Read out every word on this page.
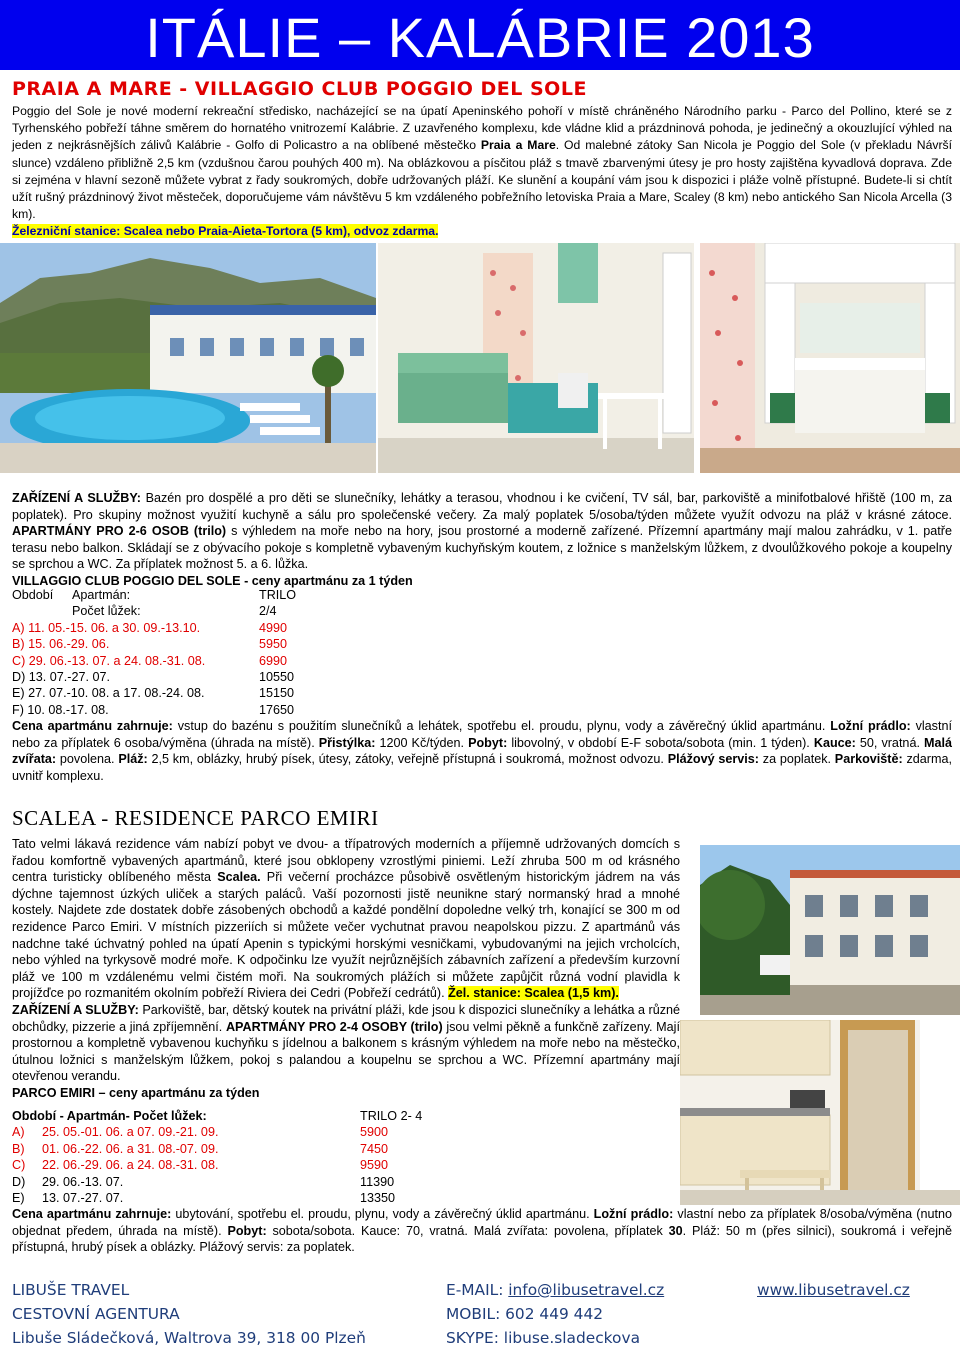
ITÁLIE – KALÁBRIE 2013
PRAIA A MARE - VILLAGGIO CLUB POGGIO DEL SOLE
Poggio del Sole je nové moderní rekreační středisko, nacházející se na úpatí Apeninského pohoří v místě chráněného Národního parku - Parco del Pollino, které se z Tyrhenského pobřeží táhne směrem do hornatého vnitrozemí Kalábrie. Z uzavřeného komplexu, kde vládne klid a prázdninová pohoda, je jedinečný a okouzlující výhled na jeden z nejkrásnějších zálivů Kalábrie - Golfo di Policastro a na oblíbené městečko Praia a Mare. Od malebné zátoky San Nicola je Poggio del Sole (v překladu Návrší slunce) vzdáleno přibližně 2,5 km (vzdušnou čarou pouhých 400 m). Na oblázkovou a písčitou pláž s tmavě zbarvenými útesy je pro hosty zajištěna kyvadlová doprava. Zde si zejména v hlavní sezoně můžete vybrat z řady soukromých, dobře udržovaných pláží. Ke slunění a koupání vám jsou k dispozici i pláže volně přístupné. Budete-li si chtít užít rušný prázdninový život městeček, doporučujeme vám návštěvu 5 km vzdáleného pobřežního letoviska Praia a Mare, Scaley (8 km) nebo antického San Nicola Arcella (3 km).
Železniční stanice: Scalea nebo Praia-Aieta-Tortora (5 km), odvoz zdarma.
ZAŘÍZENÍ A SLUŽBY: Bazén pro dospělé a pro děti se slunečníky, lehátky a terasou, vhodnou i ke cvičení, TV sál, bar, parkoviště a minifotbalové hřiště (100 m, za poplatek). Pro skupiny možnost využití kuchyně a sálu pro společenské večery. Za malý poplatek 5/osoba/týden můžete využít odvozu na pláž v krásné zátoce. APARTMÁNY PRO 2-6 OSOB (trilo) s výhledem na moře nebo na hory, jsou prostorné a moderně zařízené. Přízemní apartmány mají malou zahrádku, v 1. patře terasu nebo balkon. Skládají se z obývacího pokoje s kompletně vybaveným kuchyňským koutem, z ložnice s manželským lůžkem, z dvoulůžkového pokoje a koupelny se sprchou a WC. Za příplatek možnost 5. a 6. lůžka.
VILLAGGIO CLUB POGGIO DEL SOLE - ceny apartmánu za 1 týden
Období	Apartmán:	TRILO
	Počet lůžek:	2/4
A) 11. 05.-15. 06. a 30. 09.-13.10.	4990
B) 15. 06.-29. 06.	5950
C) 29. 06.-13. 07. a 24. 08.-31. 08.	6990
D) 13. 07.-27. 07.	10550
E) 27. 07.-10. 08. a 17. 08.-24. 08.	15150
F) 10. 08.-17. 08.	17650
Cena apartmánu zahrnuje: vstup do bazénu s použitím slunečníků a lehátek, spotřebu el. proudu, plynu, vody a závěrečný úklid apartmánu. Ložní prádlo: vlastní nebo za příplatek 6 osoba/výměna (úhrada na místě). Přistýlka: 1200 Kč/týden. Pobyt: libovolný, v období E-F sobota/sobota (min. 1 týden). Kauce: 50, vratná. Malá zvířata: povolena. Pláž: 2,5 km, oblázky, hrubý písek, útesy, zátoky, veřejně přístupná i soukromá, možnost odvozu. Plážový servis: za poplatek. Parkoviště: zdarma, uvnitř komplexu.
SCALEA - RESIDENCE PARCO EMIRI
Tato velmi lákavá rezidence vám nabízí pobyt ve dvou- a třípatrových moderních a příjemně udržovaných domcích s řadou komfortně vybavených apartmánů, které jsou obklopeny vzrostlými piniemi. Leží zhruba 500 m od krásného centra turisticky oblíbeného města Scalea. Při večerní procházce působivě osvětleným historickým jádrem na vás dýchne tajemnost úzkých uliček a starých paláců. Vaší pozornosti jistě neunikne starý normanský hrad a mnohé kostely. Najdete zde dostatek dobře zásobených obchodů a každé pondělní dopoledne velký trh, konající se 300 m od rezidence Parco Emiri. V místních pizzeriích si můžete večer vychutnat pravou neapolskou pizzu. Z apartmánů vás nadchne také úchvatný pohled na úpatí Apenin s typickými horskými vesničkami, vybudovanými na jejich vrcholcích, nebo výhled na tyrkysově modré moře. K odpočinku lze využít nejrůznějších zábavních zařízení a především kurzovní pláž ve 100 m vzdálenému velmi čistém moři. Na soukromých plážích si můžete zapůjčit různá vodní plavidla k projížďce po rozmanitém okolním pobřeží Riviera dei Cedri (Pobřeží cedrátů). Žel. stanice: Scalea (1,5 km).
ZAŘÍZENÍ A SLUŽBY: Parkoviště, bar, dětský koutek na privátní pláži, kde jsou k dispozici slunečníky a lehátka a různé obchůdky, pizzerie a jiná zpříjemnění. APARTMÁNY PRO 2-4 OSOBY (trilo) jsou velmi pěkně a funkčně zařízeny. Mají prostornou a kompletně vybavenou kuchyňku s jídelnou a balkonem s krásným výhledem na moře nebo na městečko, útulnou ložnici s manželským lůžkem, pokoj s palandou a koupelnu se sprchou a WC. Přízemní apartmány mají otevřenou verandu.
PARCO EMIRI – ceny apartmánu za týden
Období - Apartmán- Počet lůžek:	TRILO 2- 4
A)	25. 05.-01. 06. a 07. 09.-21. 09.	5900
B)	01. 06.-22. 06. a 31. 08.-07. 09.	7450
C)	22. 06.-29. 06. a 24. 08.-31. 08.	9590
D)	29. 06.-13. 07.	11390
E)	13. 07.-27. 07.	13350
Cena apartmánu zahrnuje: ubytování, spotřebu el. proudu, plynu, vody a závěrečný úklid apartmánu. Ložní prádlo: vlastní nebo za příplatek 8/osoba/výměna (nutno objednat předem, úhrada na místě). Pobyt: sobota/sobota. Kauce: 70, vratná. Malá zvířata: povolena, příplatek 30. Pláž: 50 m (přes silnici), soukromá i veřejně přístupná, hrubý písek a oblázky. Plážový servis: za poplatek.
LIBUŠE TRAVEL
CESTOVNÍ AGENTURA
Libuše Sládečková, Waltrova 39, 318 00 Plzeň
E-MAIL: info@libusetravel.cz
MOBIL: 602 449 442
SKYPE: libuse.sladeckova
www.libusetravel.cz
